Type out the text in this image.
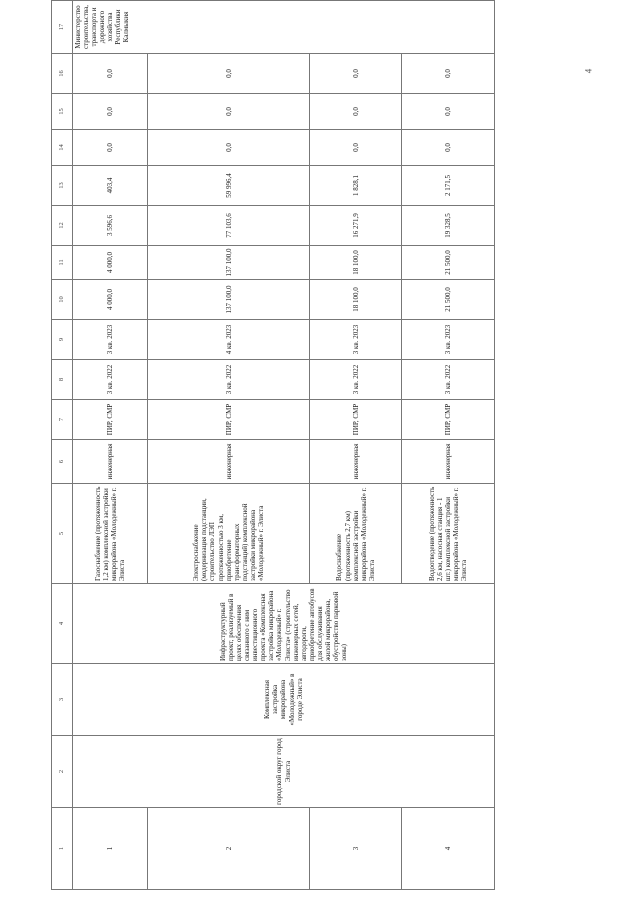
1	2	3	4	5	6	7	8	9	10	11	12	13	14	15	16	17
1	городской округ город Элиста	Комплексная застройка микрорайона «Молодежный» в городе Элиста	Инфраструктурный проект, реализуемый в целях обеспечения связанного с ним инвестиционного проекта «Комплексная застройка микрорайона «Молодежный» г. Элиста» (строительство инженерных сетей, автодороги, приобретение автобусов для обслуживания жилой микрорайона, обустройство парковой зоны)	Газоснабжение (протяженность 1,2 км) комплексной застройки микрорайона «Молодежный» г. Элиста	инженерная	ПИР, СМР	3 кв. 2022	3 кв. 2023	4 000,0	4 000,0	3 596,6	403,4	0,0	0,0	0,0	Министерство строительства, транспорта и дорожного хозяйства Республики Калмыкия
2				Электроснабжение (модернизация подстанции, строительство ЛЭП протяженностью 3 км, приобретение трансформаторных подстанций) комплексной застройки микрорайона «Молодежный» г. Элиста	инженерная	ПИР, СМР	3 кв. 2022	4 кв. 2023	137 100,0	137 100,0	77 103,6	59 996,4	0,0	0,0	0,0	
3				Водоснабжение (протяженность 2,7 км) комплексной застройки микрорайона «Молодежный» г. Элиста	инженерная	ПИР, СМР	3 кв. 2022	3 кв. 2023	18 100,0	18 100,0	16 271,9	1 828,1	0,0	0,0	0,0	
4				Водоотведение (протяженность 2,6 км, насосная станция - 1 шт.) комплексной застройки микрорайона «Молодежный» г. Элиста	инженерная	ПИР, СМР	3 кв. 2022	3 кв. 2023	21 500,0	21 500,0	19 328,5	2 171,5	0,0	0,0	0,0		4
